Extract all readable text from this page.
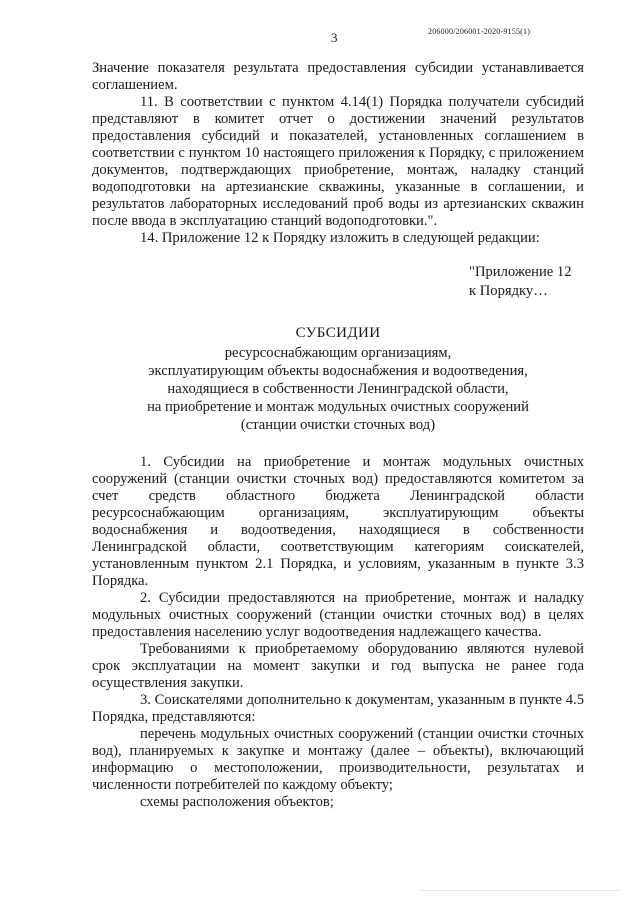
3	206000/206001-2020-9155(1)

Значение показателя результата предоставления субсидии устанавливается соглашением.

11. В соответствии с пунктом 4.14(1) Порядка получатели субсидий представляют в комитет отчет о достижении значений результатов предоставления субсидий и показателей, установленных соглашением в соответствии с пунктом 10 настоящего приложения к Порядку, с приложением документов, подтверждающих приобретение, монтаж, наладку станций водоподготовки на артезианские скважины, указанные в соглашении, и результатов лабораторных исследований проб воды из артезианских скважин после ввода в эксплуатацию станций водоподготовки.".

14. Приложение 12 к Порядку изложить в следующей редакции:

"Приложение 12
к Порядку…
СУБСИДИИ
ресурсоснабжающим организациям,
эксплуатирующим объекты водоснабжения и водоотведения,
находящиеся в собственности Ленинградской области,
на приобретение и монтаж модульных очистных сооружений
(станции очистки сточных вод)

1. Субсидии на приобретение и монтаж модульных очистных сооружений (станции очистки сточных вод) предоставляются комитетом за счет средств областного бюджета Ленинградской области ресурсоснабжающим организациям, эксплуатирующим объекты водоснабжения и водоотведения, находящиеся в собственности Ленинградской области, соответствующим категориям соискателей, установленным пунктом 2.1 Порядка, и условиям, указанным в пункте 3.3 Порядка.

2. Субсидии предоставляются на приобретение, монтаж и наладку модульных очистных сооружений (станции очистки сточных вод) в целях предоставления населению услуг водоотведения надлежащего качества.

Требованиями к приобретаемому оборудованию являются нулевой срок эксплуатации на момент закупки и год выпуска не ранее года осуществления закупки.

3. Соискателями дополнительно к документам, указанным в пункте 4.5 Порядка, представляются:

перечень модульных очистных сооружений (станции очистки сточных вод), планируемых к закупке и монтажу (далее – объекты), включающий информацию о местоположении, производительности, результатах и численности потребителей по каждому объекту;

схемы расположения объектов;
